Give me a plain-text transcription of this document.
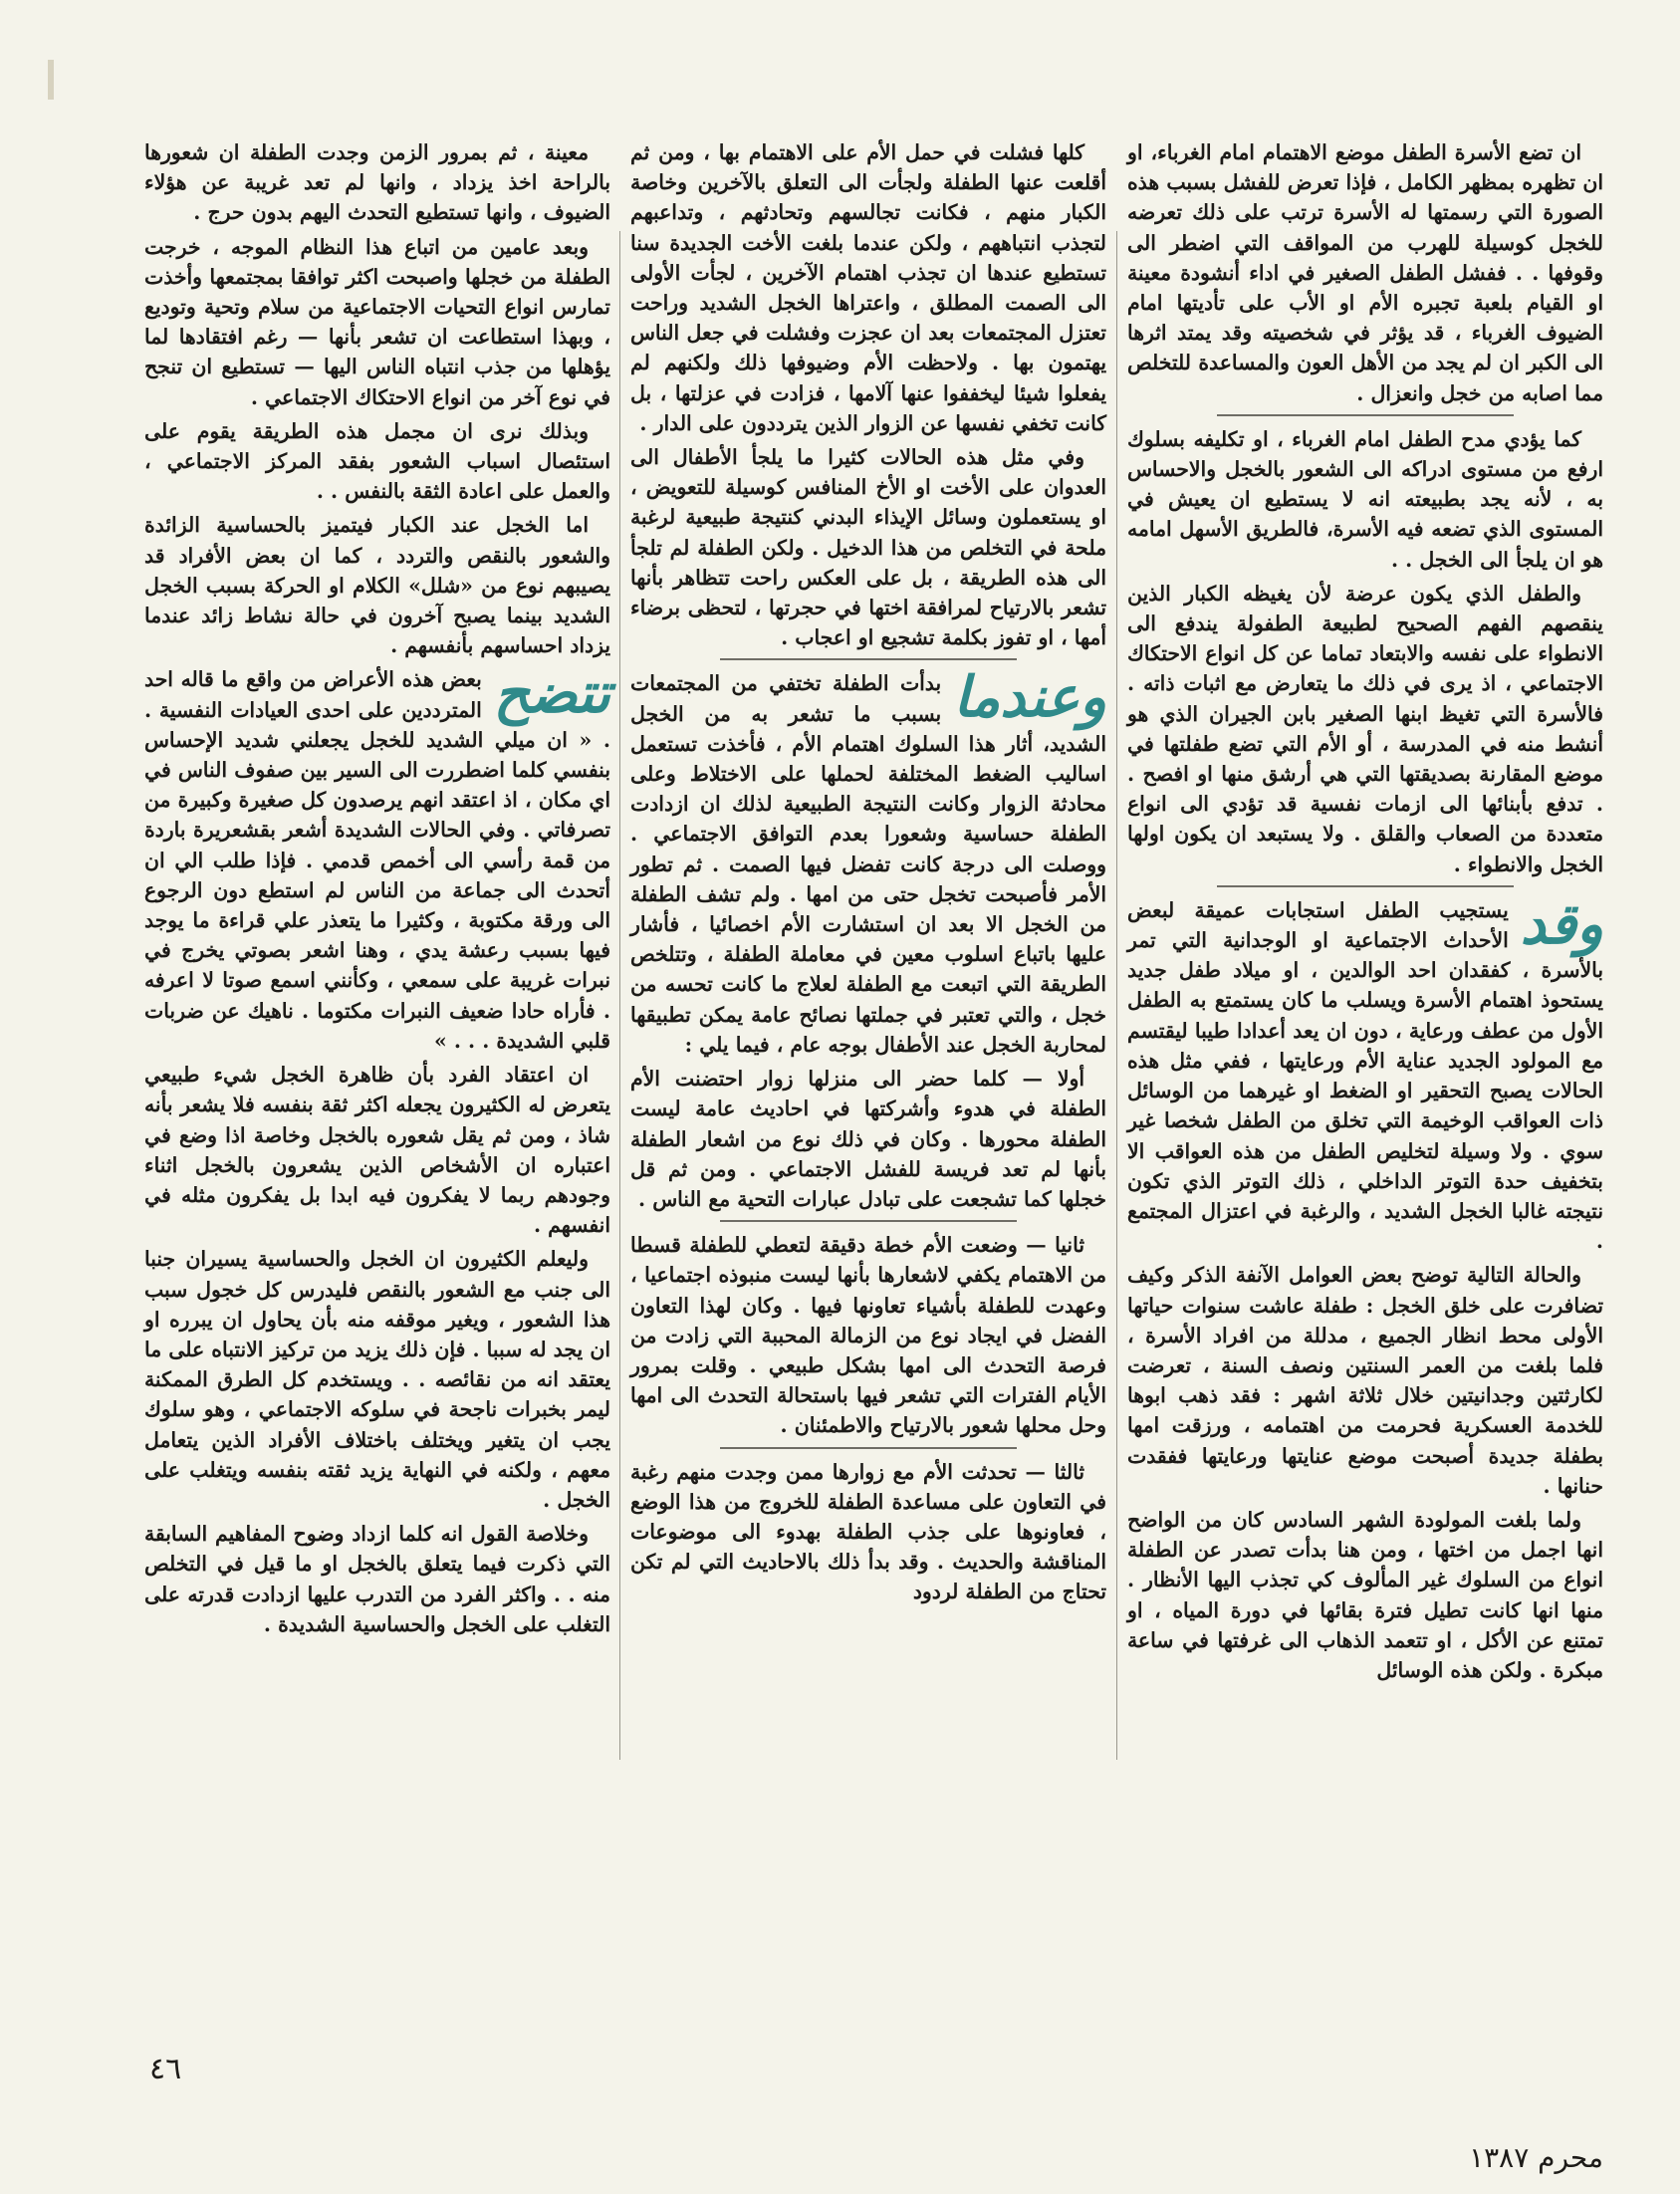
ان تضع الأسرة الطفل موضع الاهتمام امام الغرباء، او ان تظهره بمظهر الكامل ، فإذا تعرض للفشل بسبب هذه الصورة التي رسمتها له الأسرة ترتب على ذلك تعرضه للخجل كوسيلة للهرب من المواقف التي اضطر الى وقوفها . . ففشل الطفل الصغير في اداء أنشودة معينة او القيام بلعبة تجبره الأم او الأب على تأديتها امام الضيوف الغرباء ، قد يؤثر في شخصيته وقد يمتد اثرها الى الكبر ان لم يجد من الأهل العون والمساعدة للتخلص مما اصابه من خجل وانعزال .

كما يؤدي مدح الطفل امام الغرباء ، او تكليفه بسلوك ارفع من مستوى ادراكه الى الشعور بالخجل والاحساس به ، لأنه يجد بطبيعته انه لا يستطيع ان يعيش في المستوى الذي تضعه فيه الأسرة، فالطريق الأسهل امامه هو ان يلجأ الى الخجل . .

والطفل الذي يكون عرضة لأن يغيظه الكبار الذين ينقصهم الفهم الصحيح لطبيعة الطفولة يندفع الى الانطواء على نفسه والابتعاد تماما عن كل انواع الاحتكاك الاجتماعي ، اذ يرى في ذلك ما يتعارض مع اثبات ذاته . فالأسرة التي تغيظ ابنها الصغير بابن الجيران الذي هو أنشط منه في المدرسة ، أو الأم التي تضع طفلتها في موضع المقارنة بصديقتها التي هي أرشق منها او افصح . . تدفع بأبنائها الى ازمات نفسية قد تؤدي الى انواع متعددة من الصعاب والقلق . ولا يستبعد ان يكون اولها الخجل والانطواء .

وقد

يستجيب الطفل استجابات عميقة لبعض الأحداث الاجتماعية او الوجدانية التي تمر بالأسرة ، كفقدان احد الوالدين ، او ميلاد طفل جديد يستحوذ اهتمام الأسرة ويسلب ما كان يستمتع به الطفل الأول من عطف ورعاية ، دون ان يعد أعدادا طيبا ليقتسم مع المولود الجديد عناية الأم ورعايتها ، ففي مثل هذه الحالات يصبح التحقير او الضغط او غيرهما من الوسائل ذات العواقب الوخيمة التي تخلق من الطفل شخصا غير سوي . ولا وسيلة لتخليص الطفل من هذه العواقب الا بتخفيف حدة التوتر الداخلي ، ذلك التوتر الذي تكون نتيجته غالبا الخجل الشديد ، والرغبة في اعتزال المجتمع .

والحالة التالية توضح بعض العوامل الآنفة الذكر وكيف تضافرت على خلق الخجل : طفلة عاشت سنوات حياتها الأولى محط انظار الجميع ، مدللة من افراد الأسرة ، فلما بلغت من العمر السنتين ونصف السنة ، تعرضت لكارثتين وجدانيتين خلال ثلاثة اشهر : فقد ذهب ابوها للخدمة العسكرية فحرمت من اهتمامه ، ورزقت امها بطفلة جديدة أصبحت موضع عنايتها ورعايتها ففقدت حنانها .

ولما بلغت المولودة الشهر السادس كان من الواضح انها اجمل من اختها ، ومن هنا بدأت تصدر عن الطفلة انواع من السلوك غير المألوف كي تجذب اليها الأنظار . منها انها كانت تطيل فترة بقائها في دورة المياه ، او تمتنع عن الأكل ، او تتعمد الذهاب الى غرفتها في ساعة مبكرة . ولكن هذه الوسائل

كلها فشلت في حمل الأم على الاهتمام بها ، ومن ثم أقلعت عنها الطفلة ولجأت الى التعلق بالآخرين وخاصة الكبار منهم ، فكانت تجالسهم وتحادثهم ، وتداعبهم لتجذب انتباههم ، ولكن عندما بلغت الأخت الجديدة سنا تستطيع عندها ان تجذب اهتمام الآخرين ، لجأت الأولى الى الصمت المطلق ، واعتراها الخجل الشديد وراحت تعتزل المجتمعات بعد ان عجزت وفشلت في جعل الناس يهتمون بها . ولاحظت الأم وضيوفها ذلك ولكنهم لم يفعلوا شيئا ليخففوا عنها آلامها ، فزادت في عزلتها ، بل كانت تخفي نفسها عن الزوار الذين يترددون على الدار .

وفي مثل هذه الحالات كثيرا ما يلجأ الأطفال الى العدوان على الأخت او الأخ المنافس كوسيلة للتعويض ، او يستعملون وسائل الإيذاء البدني كنتيجة طبيعية لرغبة ملحة في التخلص من هذا الدخيل . ولكن الطفلة لم تلجأ الى هذه الطريقة ، بل على العكس راحت تتظاهر بأنها تشعر بالارتياح لمرافقة اختها في حجرتها ، لتحظى برضاء أمها ، او تفوز بكلمة تشجيع او اعجاب .

وعندما

بدأت الطفلة تختفي من المجتمعات بسبب ما تشعر به من الخجل الشديد، أثار هذا السلوك اهتمام الأم ، فأخذت تستعمل اساليب الضغط المختلفة لحملها على الاختلاط وعلى محادثة الزوار وكانت النتيجة الطبيعية لذلك ان ازدادت الطفلة حساسية وشعورا بعدم التوافق الاجتماعي . ووصلت الى درجة كانت تفضل فيها الصمت . ثم تطور الأمر فأصبحت تخجل حتى من امها . ولم تشف الطفلة من الخجل الا بعد ان استشارت الأم اخصائيا ، فأشار عليها باتباع اسلوب معين في معاملة الطفلة ، وتتلخص الطريقة التي اتبعت مع الطفلة لعلاج ما كانت تحسه من خجل ، والتي تعتبر في جملتها نصائح عامة يمكن تطبيقها لمحاربة الخجل عند الأطفال بوجه عام ، فيما يلي :

أولا — كلما حضر الى منزلها زوار احتضنت الأم الطفلة في هدوء وأشركتها في احاديث عامة ليست الطفلة محورها . وكان في ذلك نوع من اشعار الطفلة بأنها لم تعد فريسة للفشل الاجتماعي . ومن ثم قل خجلها كما تشجعت على تبادل عبارات التحية مع الناس .

ثانيا — وضعت الأم خطة دقيقة لتعطي للطفلة قسطا من الاهتمام يكفي لاشعارها بأنها ليست منبوذه اجتماعيا ، وعهدت للطفلة بأشياء تعاونها فيها . وكان لهذا التعاون الفضل في ايجاد نوع من الزمالة المحببة التي زادت من فرصة التحدث الى امها بشكل طبيعي . وقلت بمرور الأيام الفترات التي تشعر فيها باستحالة التحدث الى امها وحل محلها شعور بالارتياح والاطمئنان .

ثالثا — تحدثت الأم مع زوارها ممن وجدت منهم رغبة في التعاون على مساعدة الطفلة للخروج من هذا الوضع ، فعاونوها على جذب الطفلة بهدوء الى موضوعات المناقشة والحديث . وقد بدأ ذلك بالاحاديث التي لم تكن تحتاج من الطفلة لردود

معينة ، ثم بمرور الزمن وجدت الطفلة ان شعورها بالراحة اخذ يزداد ، وانها لم تعد غريبة عن هؤلاء الضيوف ، وانها تستطيع التحدث اليهم بدون حرج .

وبعد عامين من اتباع هذا النظام الموجه ، خرجت الطفلة من خجلها واصبحت اكثر توافقا بمجتمعها وأخذت تمارس انواع التحيات الاجتماعية من سلام وتحية وتوديع ، وبهذا استطاعت ان تشعر بأنها — رغم افتقادها لما يؤهلها من جذب انتباه الناس اليها — تستطيع ان تنجح في نوع آخر من انواع الاحتكاك الاجتماعي .

وبذلك نرى ان مجمل هذه الطريقة يقوم على استئصال اسباب الشعور بفقد المركز الاجتماعي ، والعمل على اعادة الثقة بالنفس . .

اما الخجل عند الكبار فيتميز بالحساسية الزائدة والشعور بالنقص والتردد ، كما ان بعض الأفراد قد يصيبهم نوع من «شلل» الكلام او الحركة بسبب الخجل الشديد بينما يصبح آخرون في حالة نشاط زائد عندما يزداد احساسهم بأنفسهم .

تتضح

بعض هذه الأعراض من واقع ما قاله احد المترددين على احدى العيادات النفسية . . « ان ميلي الشديد للخجل يجعلني شديد الإحساس بنفسي كلما اضطررت الى السير بين صفوف الناس في اي مكان ، اذ اعتقد انهم يرصدون كل صغيرة وكبيرة من تصرفاتي . وفي الحالات الشديدة أشعر بقشعريرة باردة من قمة رأسي الى أخمص قدمي . فإذا طلب الي ان أتحدث الى جماعة من الناس لم استطع دون الرجوع الى ورقة مكتوبة ، وكثيرا ما يتعذر علي قراءة ما يوجد فيها بسبب رعشة يدي ، وهنا اشعر بصوتي يخرج في نبرات غريبة على سمعي ، وكأنني اسمع صوتا لا اعرفه . فأراه حادا ضعيف النبرات مكتوما . ناهيك عن ضربات قلبي الشديدة . . . »

ان اعتقاد الفرد بأن ظاهرة الخجل شيء طبيعي يتعرض له الكثيرون يجعله اكثر ثقة بنفسه فلا يشعر بأنه شاذ ، ومن ثم يقل شعوره بالخجل وخاصة اذا وضع في اعتباره ان الأشخاص الذين يشعرون بالخجل اثناء وجودهم ربما لا يفكرون فيه ابدا بل يفكرون مثله في انفسهم .

وليعلم الكثيرون ان الخجل والحساسية يسيران جنبا الى جنب مع الشعور بالنقص فليدرس كل خجول سبب هذا الشعور ، ويغير موقفه منه بأن يحاول ان يبرره او ان يجد له سببا . فإن ذلك يزيد من تركيز الانتباه على ما يعتقد انه من نقائصه . . ويستخدم كل الطرق الممكنة ليمر بخبرات ناجحة في سلوكه الاجتماعي ، وهو سلوك يجب ان يتغير ويختلف باختلاف الأفراد الذين يتعامل معهم ، ولكنه في النهاية يزيد ثقته بنفسه ويتغلب على الخجل .

وخلاصة القول انه كلما ازداد وضوح المفاهيم السابقة التي ذكرت فيما يتعلق بالخجل او ما قيل في التخلص منه . . واكثر الفرد من التدرب عليها ازدادت قدرته على التغلب على الخجل والحساسية الشديدة .

٤٦
محرم ١٣٨٧
